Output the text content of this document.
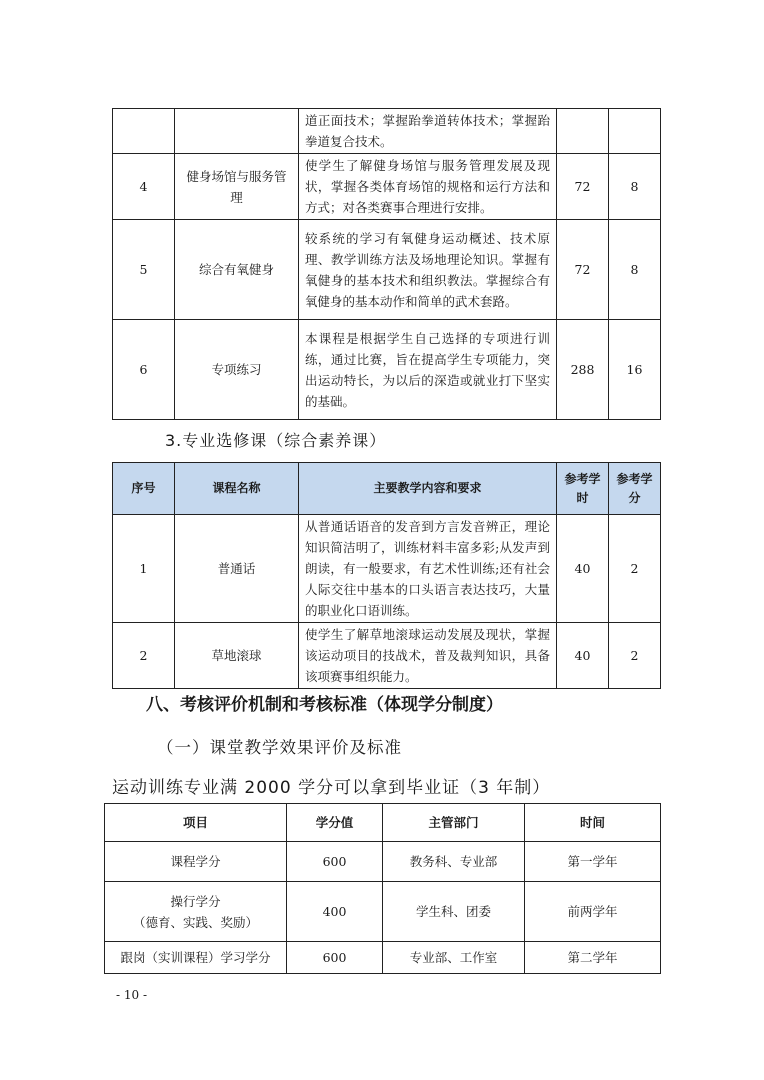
		道正面技术；掌握跆拳道转体技术；掌握跆拳道复合技术。		
4	健身场馆与服务管理	使学生了解健身场馆与服务管理发展及现状，掌握各类体育场馆的规格和运行方法和方式；对各类赛事合理进行安排。	72	8
5	综合有氧健身	较系统的学习有氧健身运动概述、技术原理、教学训练方法及场地理论知识。掌握有氧健身的基本技术和组织教法。掌握综合有氧健身的基本动作和简单的武术套路。	72	8
6	专项练习	本课程是根据学生自己选择的专项进行训练，通过比赛，旨在提高学生专项能力，突出运动特长，为以后的深造或就业打下坚实的基础。	288	16
3.专业选修课（综合素养课）
序号	课程名称	主要教学内容和要求	参考学时	参考学分
1	普通话	从普通话语音的发音到方言发音辨正，理论知识简洁明了，训练材料丰富多彩;从发声到朗读，有一般要求，有艺术性训练;还有社会人际交往中基本的口头语言表达技巧，大量的职业化口语训练。	40	2
2	草地滚球	使学生了解草地滚球运动发展及现状，掌握该运动项目的技战术，普及裁判知识，具备该项赛事组织能力。	40	2
八、考核评价机制和考核标准（体现学分制度）
（一）课堂教学效果评价及标准
运动训练专业满 2000 学分可以拿到毕业证（3 年制）
项目	学分值	主管部门	时间

课程学分	600	教务科、专业部	第一学年

操行学分
（德育、实践、奖励）	400	学生科、团委	前两学年

跟岗（实训课程）学习学分	600	专业部、工作室	第二学年
- 10 -
